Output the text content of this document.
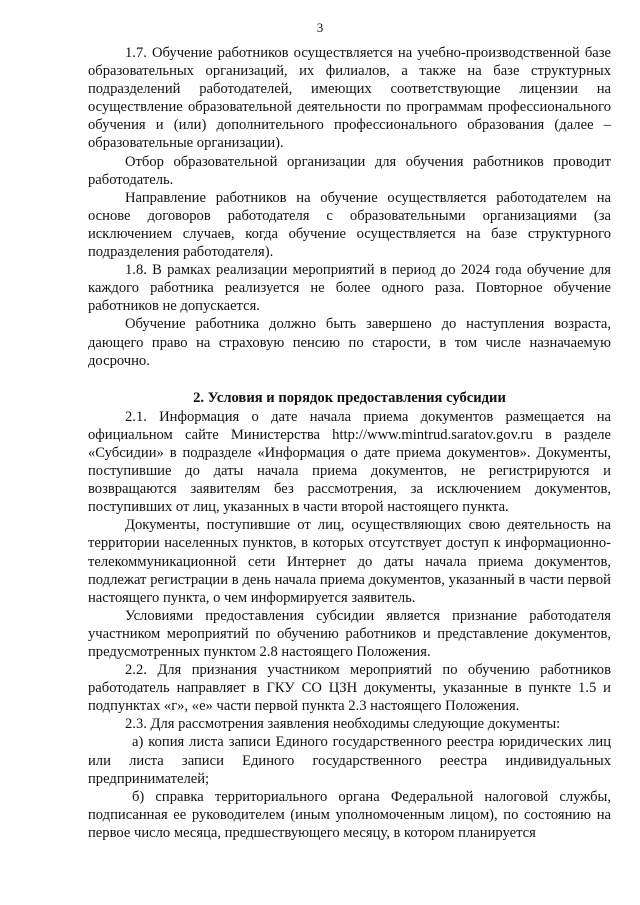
3

1.7. Обучение работников осуществляется на учебно-производственной базе образовательных организаций, их филиалов, а также на базе структурных подразделений работодателей, имеющих соответствующие лицензии на осуществление образовательной деятельности по программам профессионального обучения и (или) дополнительного профессионального образования (далее – образовательные организации).

Отбор образовательной организации для обучения работников проводит работодатель.

Направление работников на обучение осуществляется работодателем на основе договоров работодателя с образовательными организациями (за исключением случаев, когда обучение осуществляется на базе структурного подразделения работодателя).

1.8. В рамках реализации мероприятий в период до 2024 года обучение для каждого работника реализуется не более одного раза. Повторное обучение работников не допускается.

Обучение работника должно быть завершено до наступления возраста, дающего право на страховую пенсию по старости, в том числе назначаемую досрочно.

2. Условия и порядок предоставления субсидии

2.1. Информация о дате начала приема документов размещается на официальном сайте Министерства http://www.mintrud.saratov.gov.ru в разделе «Субсидии» в подразделе «Информация о дате приема документов». Документы, поступившие до даты начала приема документов, не регистрируются и возвращаются заявителям без рассмотрения, за исключением документов, поступивших от лиц, указанных в части второй настоящего пункта.

Документы, поступившие от лиц, осуществляющих свою деятельность на территории населенных пунктов, в которых отсутствует доступ к информационно-телекоммуникационной сети Интернет до даты начала приема документов, подлежат регистрации в день начала приема документов, указанный в части первой настоящего пункта, о чем информируется заявитель.

Условиями предоставления субсидии является признание работодателя участником мероприятий по обучению работников и представление документов, предусмотренных пунктом 2.8 настоящего Положения.

2.2. Для признания участником мероприятий по обучению работников работодатель направляет в ГКУ СО ЦЗН документы, указанные в пункте 1.5 и подпунктах «г», «е» части первой пункта 2.3 настоящего Положения.

2.3. Для рассмотрения заявления необходимы следующие документы:

а) копия листа записи Единого государственного реестра юридических лиц или листа записи Единого государственного реестра индивидуальных предпринимателей;

б) справка территориального органа Федеральной налоговой службы, подписанная ее руководителем (иным уполномоченным лицом), по состоянию на первое число месяца, предшествующего месяцу, в котором планируется
